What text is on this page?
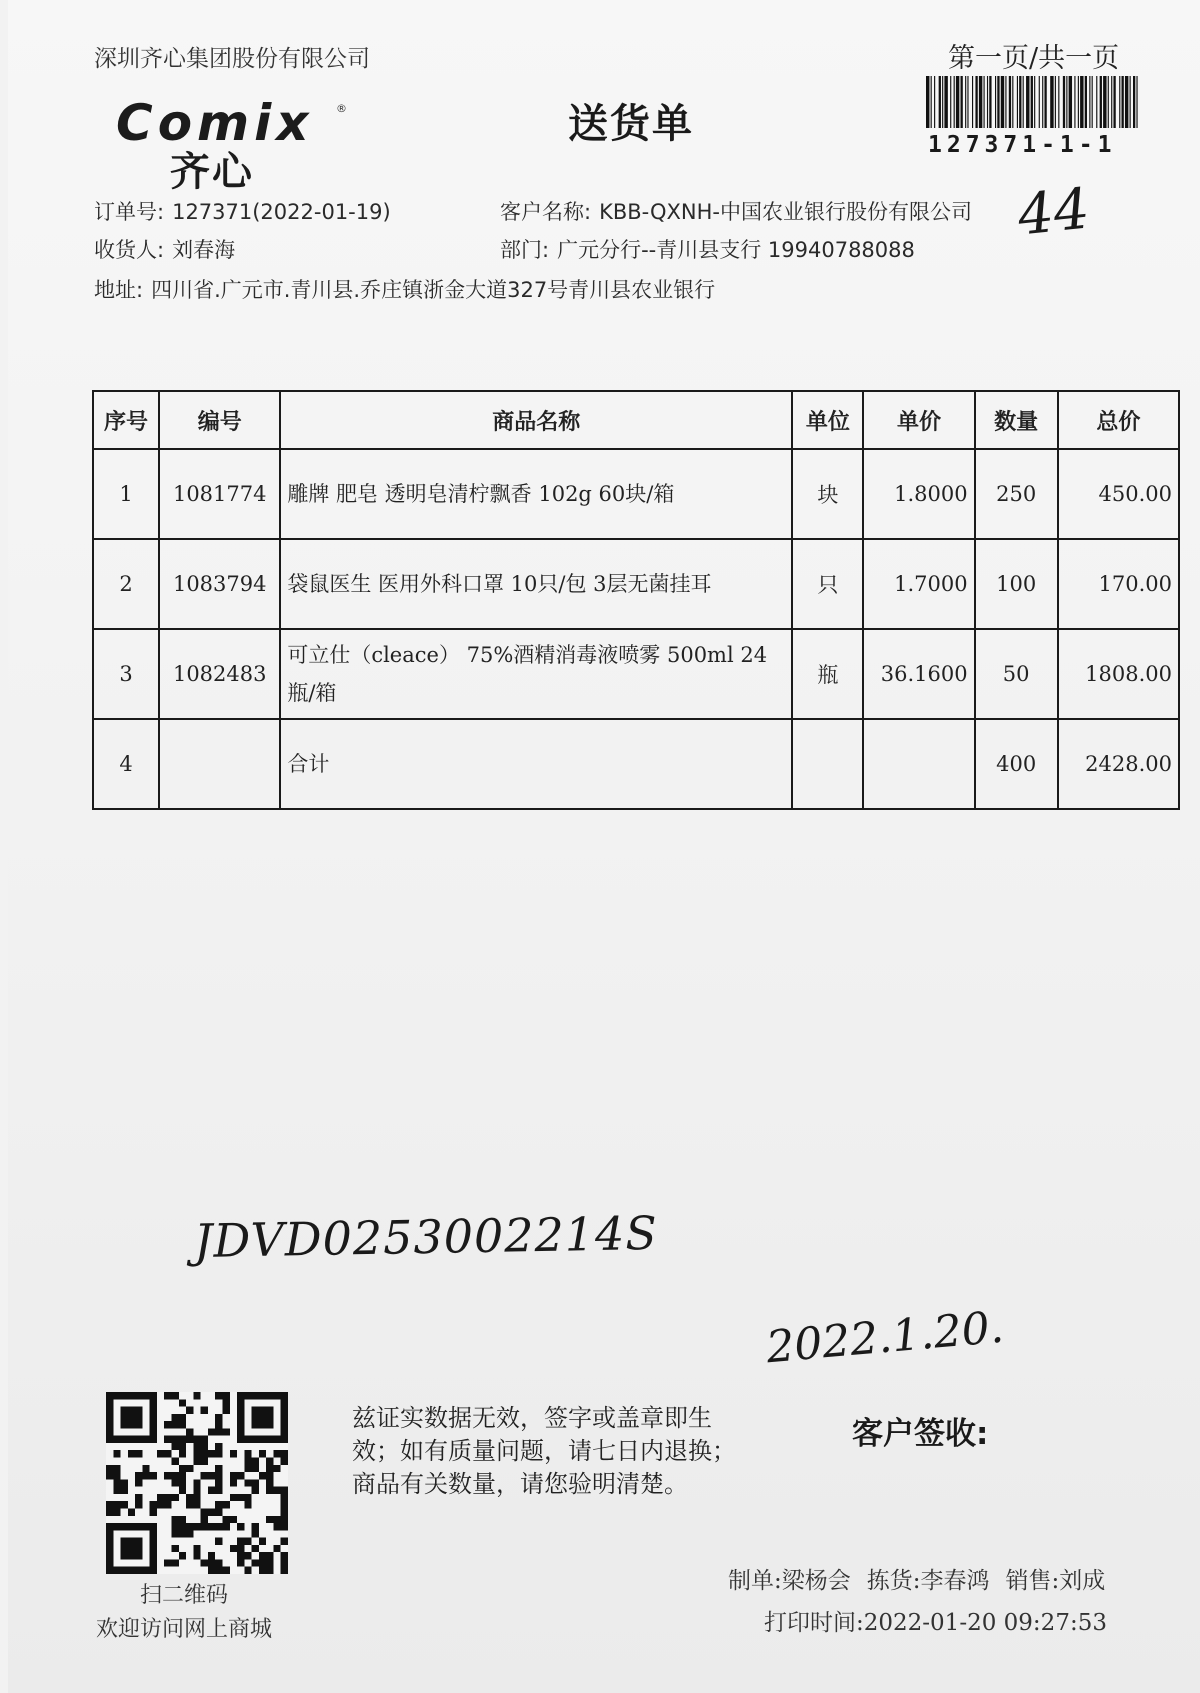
深圳齐心集团股份有限公司	第一页/共一页
127371-1-1
Comix ®
齐心
送货单
订单号: 127371(2022-01-19)
收货人: 刘春海
地址: 四川省.广元市.青川县.乔庄镇浙金大道327号青川县农业银行
客户名称: KBB-QXNH-中国农业银行股份有限公司
部门: 广元分行--青川县支行 19940788088
44
序号	编号	商品名称	单位	单价	数量	总价
1	1081774	雕牌 肥皂 透明皂清柠飘香 102g 60块/箱	块	1.8000	250	450.00
2	1083794	袋鼠医生 医用外科口罩 10只/包 3层无菌挂耳	只	1.7000	100	170.00
3	1082483	可立仕（cleace） 75%酒精消毒液喷雾 500ml 24瓶/箱	瓶	36.1600	50	1808.00
4		合计			400	2428.00
JDVD0253002214S
2022.1.20.
扫二维码
欢迎访问网上商城
兹证实数据无效，签字或盖章即生
效；如有质量问题，请七日内退换；
商品有关数量，请您验明清楚。
客户签收:
制单:梁杨会 拣货:李春鸿 销售:刘成
打印时间:2022-01-20 09:27:53
